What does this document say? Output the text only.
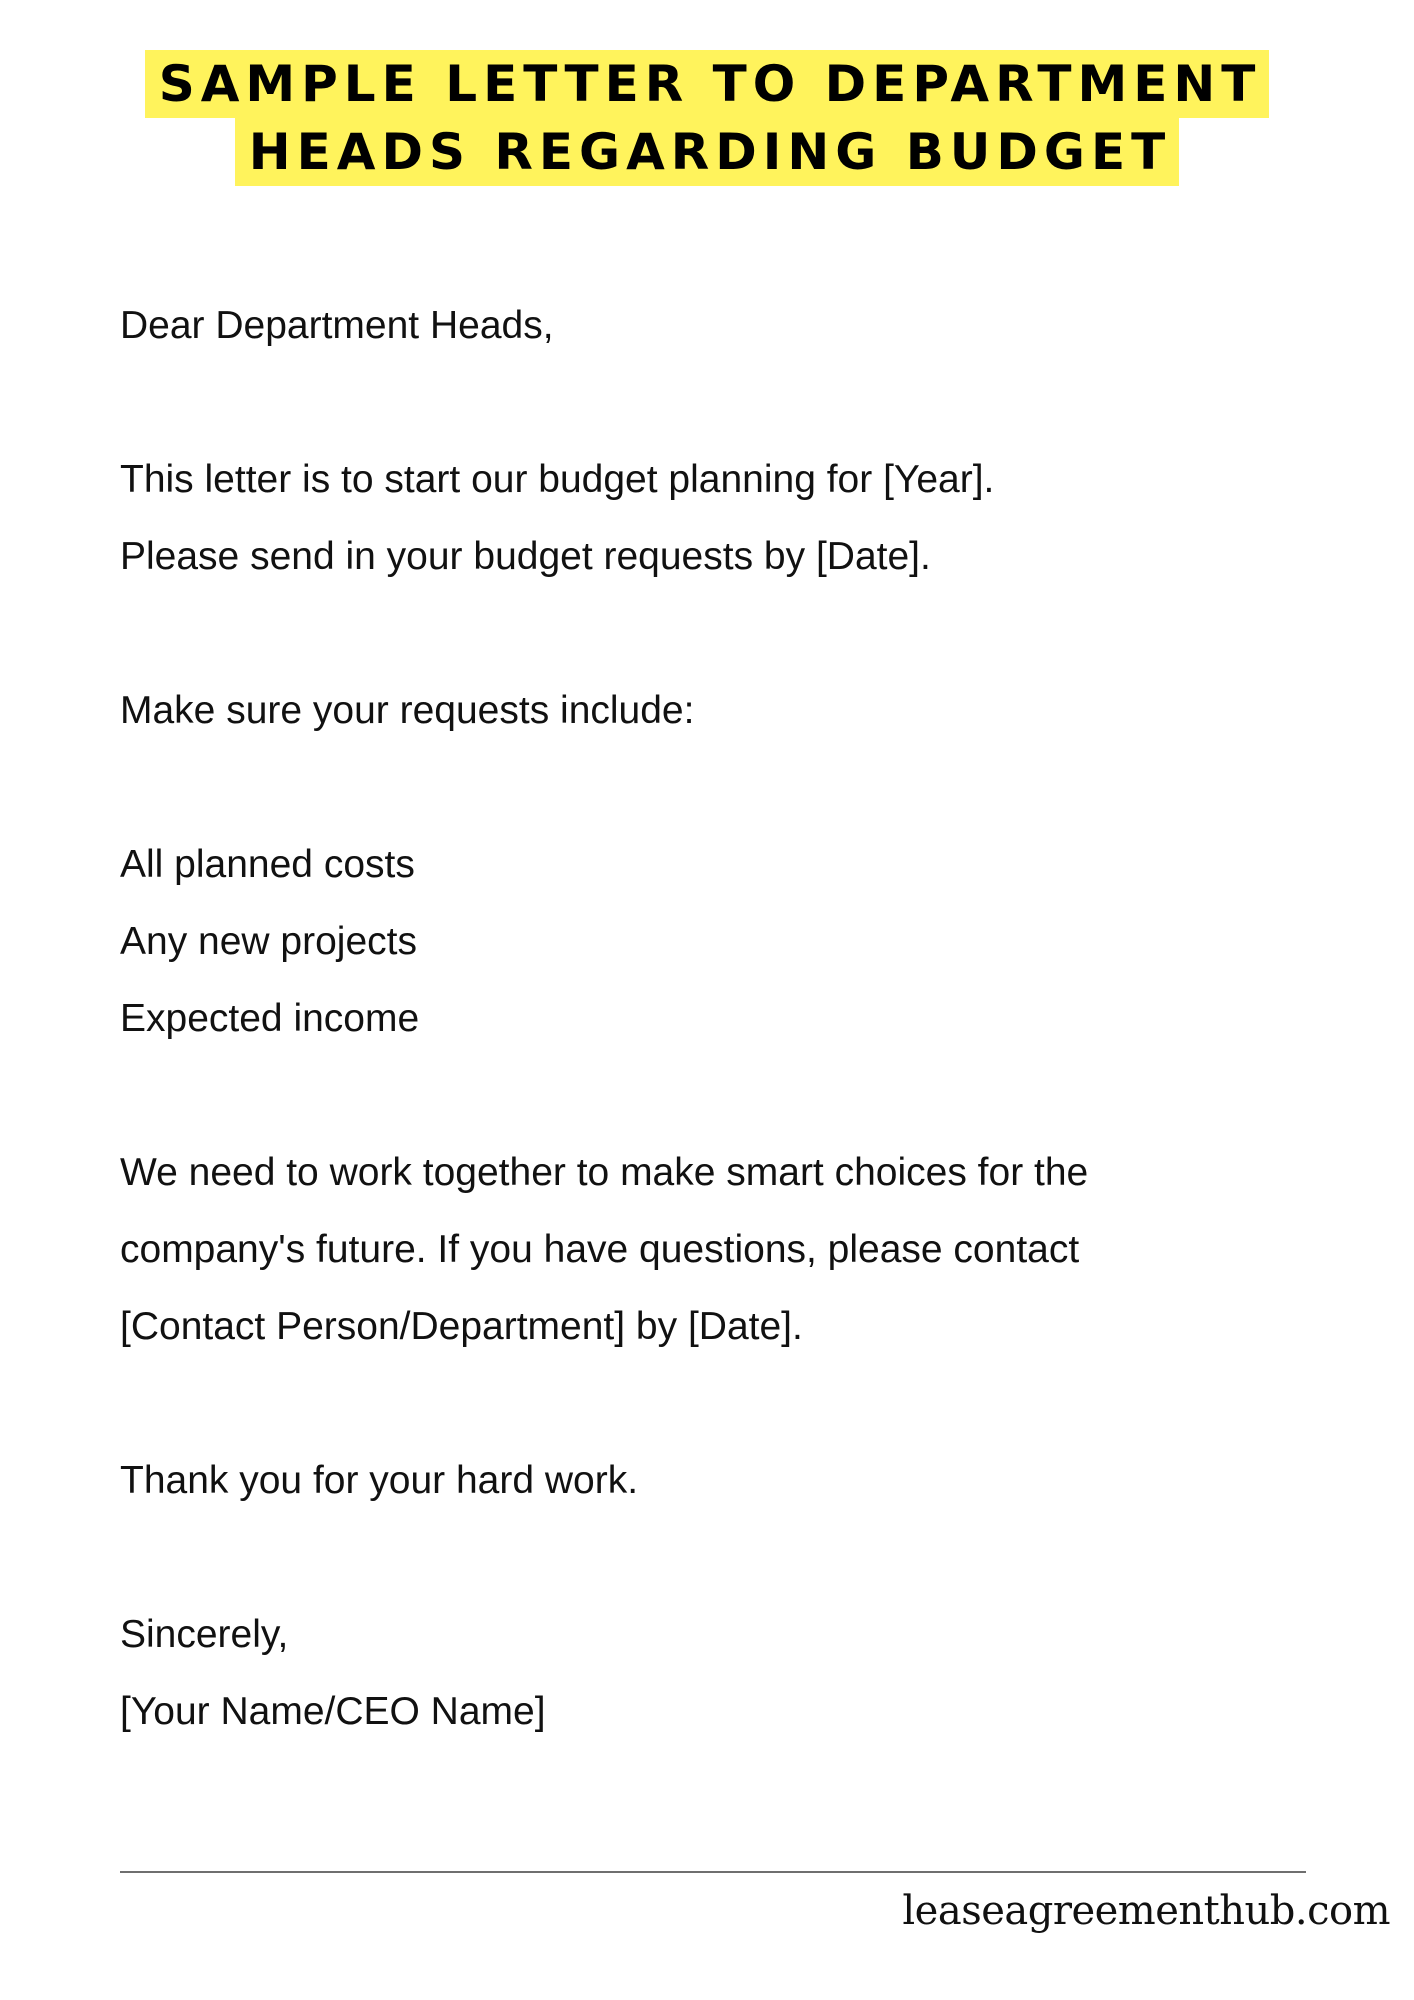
SAMPLE LETTER TO DEPARTMENT
HEADS REGARDING BUDGET
Dear Department Heads,
This letter is to start our budget planning for [Year].
Please send in your budget requests by [Date].
Make sure your requests include:
All planned costs
Any new projects
Expected income
We need to work together to make smart choices for the
company's future. If you have questions, please contact
[Contact Person/Department] by [Date].
Thank you for your hard work.
Sincerely,
[Your Name/CEO Name]
leaseagreementhub.com
